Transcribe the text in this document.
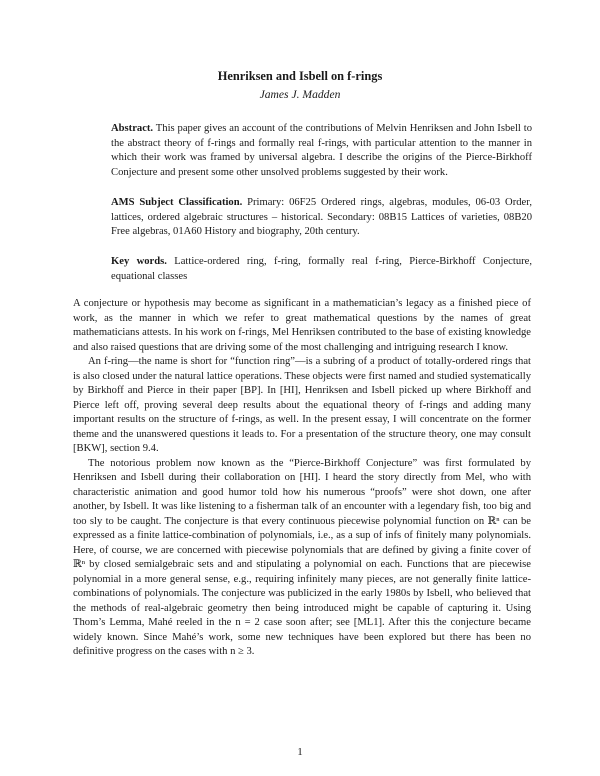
Henriksen and Isbell on f-rings
James J. Madden
Abstract. This paper gives an account of the contributions of Melvin Henriksen and John Isbell to the abstract theory of f-rings and formally real f-rings, with particular attention to the manner in which their work was framed by universal algebra. I describe the origins of the Pierce-Birkhoff Conjecture and present some other unsolved problems suggested by their work.
AMS Subject Classification. Primary: 06F25 Ordered rings, algebras, modules, 06-03 Order, lattices, ordered algebraic structures – historical. Secondary: 08B15 Lattices of varieties, 08B20 Free algebras, 01A60 History and biography, 20th century.
Key words. Lattice-ordered ring, f-ring, formally real f-ring, Pierce-Birkhoff Conjecture, equational classes

A conjecture or hypothesis may become as significant in a mathematician’s legacy as a finished piece of work, as the manner in which we refer to great mathematical questions by the names of great mathematicians attests. In his work on f-rings, Mel Henriksen contributed to the base of existing knowledge and also raised questions that are driving some of the most challenging and intriguing research I know.

An f-ring—the name is short for “function ring”—is a subring of a product of totally-ordered rings that is also closed under the natural lattice operations. These objects were first named and studied systematically by Birkhoff and Pierce in their paper [BP]. In [HI], Henriksen and Isbell picked up where Birkhoff and Pierce left off, proving several deep results about the equational theory of f-rings and adding many important results on the structure of f-rings, as well. In the present essay, I will concentrate on the former theme and the unanswered questions it leads to. For a presentation of the structure theory, one may consult [BKW], section 9.4.

The notorious problem now known as the “Pierce-Birkhoff Conjecture” was first formulated by Henriksen and Isbell during their collaboration on [HI]. I heard the story directly from Mel, who with characteristic animation and good humor told how his numerous “proofs” were shot down, one after another, by Isbell. It was like listening to a fisherman talk of an encounter with a legendary fish, too big and too sly to be caught. The conjecture is that every continuous piecewise polynomial function on ℝⁿ can be expressed as a finite lattice-combination of polynomials, i.e., as a sup of infs of finitely many polynomials. Here, of course, we are concerned with piecewise polynomials that are defined by giving a finite cover of ℝⁿ by closed semialgebraic sets and and stipulating a polynomial on each. Functions that are piecewise polynomial in a more general sense, e.g., requiring infinitely many pieces, are not generally finite lattice-combinations of polynomials. The conjecture was publicized in the early 1980s by Isbell, who believed that the methods of real-algebraic geometry then being introduced might be capable of capturing it. Using Thom’s Lemma, Mahé reeled in the n = 2 case soon after; see [ML1]. After this the conjecture became widely known. Since Mahé’s work, some new techniques have been explored but there has been no definitive progress on the cases with n ≥ 3.

1
